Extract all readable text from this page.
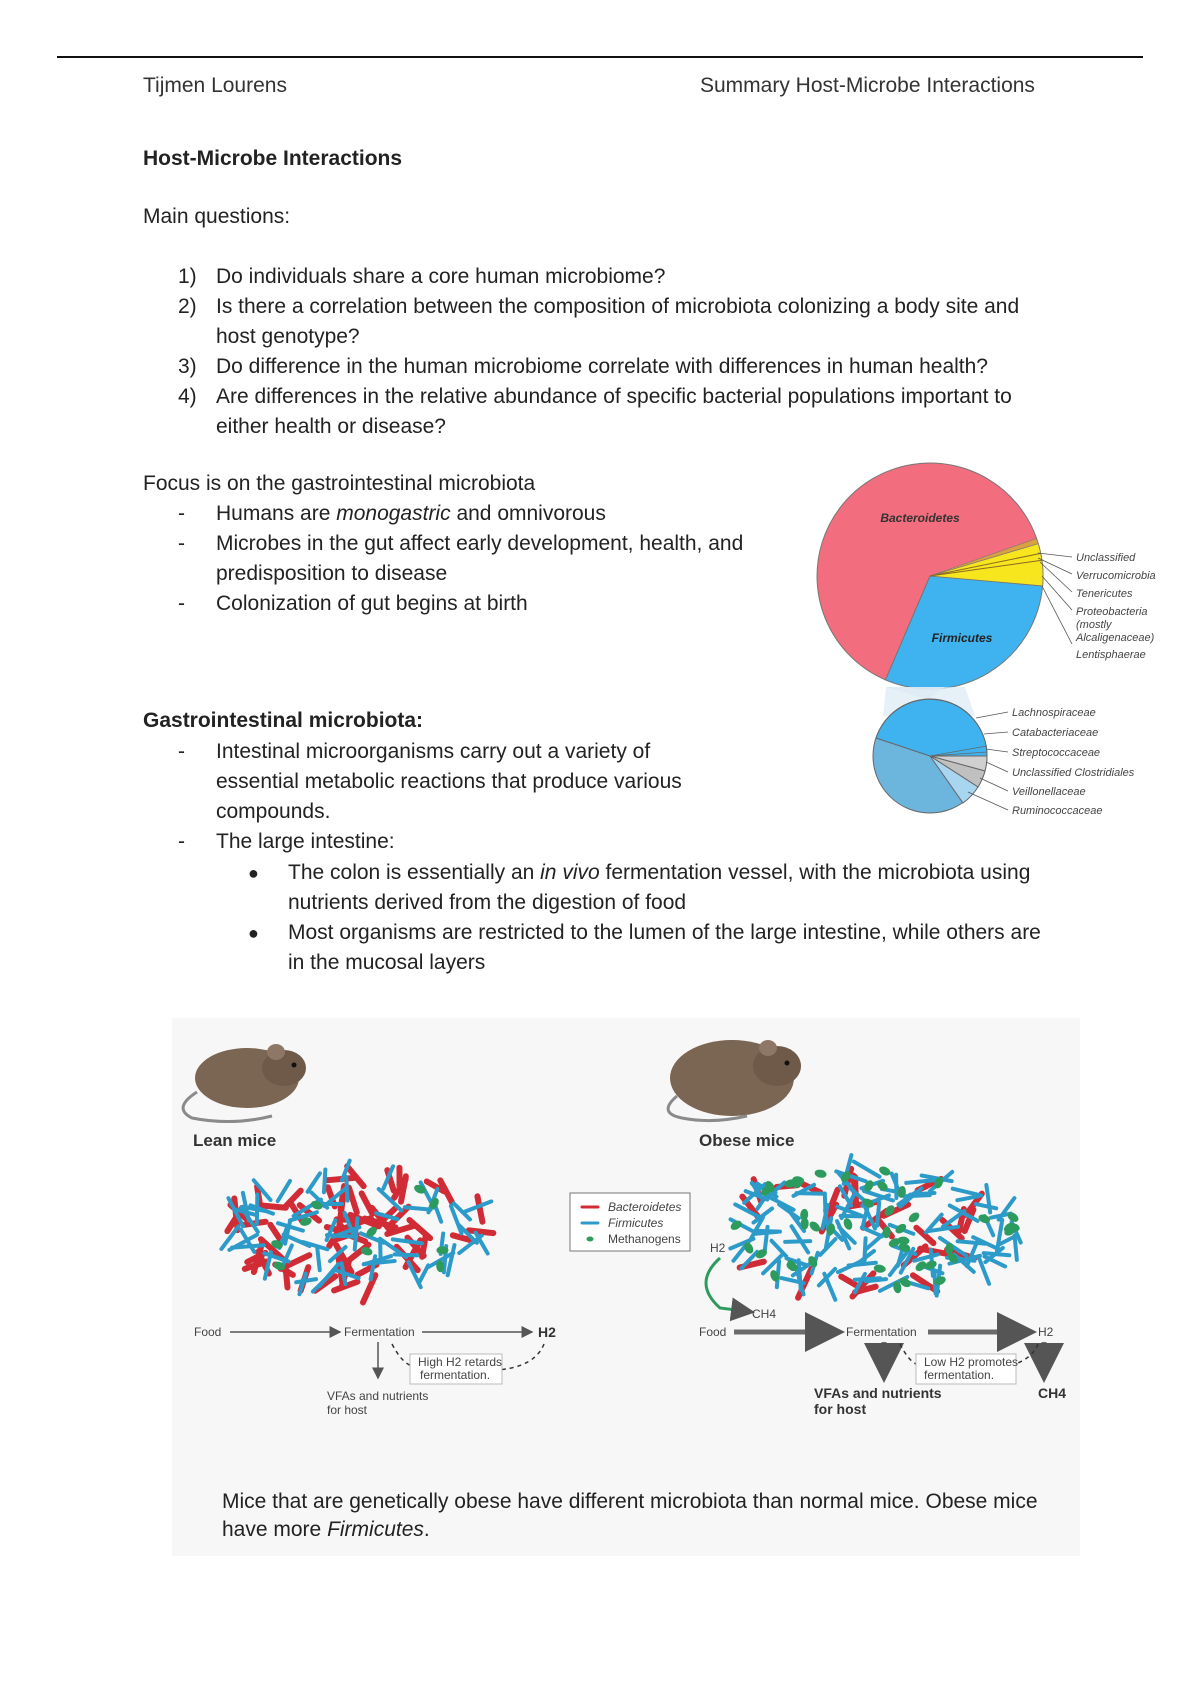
Tijmen Lourens	Summary Host-Microbe Interactions
Host-Microbe Interactions
Main questions:
1) Do individuals share a core human microbiome?
2) Is there a correlation between the composition of microbiota colonizing a body site and host genotype?
3) Do difference in the human microbiome correlate with differences in human health?
4) Are differences in the relative abundance of specific bacterial populations important to either health or disease?
Focus is on the gastrointestinal microbiota
-	Humans are monogastric and omnivorous
-	Microbes in the gut affect early development, health, and predisposition to disease
-	Colonization of gut begins at birth
Bacteroidetes
Firmicutes
Unclassified
Verrucomicrobia
Tenericutes
Proteobacteria
(mostly
Alcaligenaceae)
Lentisphaerae
Lachnospiraceae
Catabacteriaceae
Streptococcaceae
Unclassified Clostridiales
Veillonellaceae
Ruminococcaceae
Gastrointestinal microbiota:
-	Intestinal microorganisms carry out a variety of essential metabolic reactions that produce various compounds.
-	The large intestine:
●	The colon is essentially an in vivo fermentation vessel, with the microbiota using nutrients derived from the digestion of food
●	Most organisms are restricted to the lumen of the large intestine, while others are in the mucosal layers
Lean mice	Obese mice
Bacteroidetes
Firmicutes
Methanogens
Food	Fermentation	H2
High H2 retards
fermentation.
VFAs and nutrients
for host
Food	Fermentation	H2
Low H2 promotes
fermentation.
VFAs and nutrients
for host
CH4
H2
CH4
Mice that are genetically obese have different microbiota than normal mice. Obese mice have more Firmicutes.
